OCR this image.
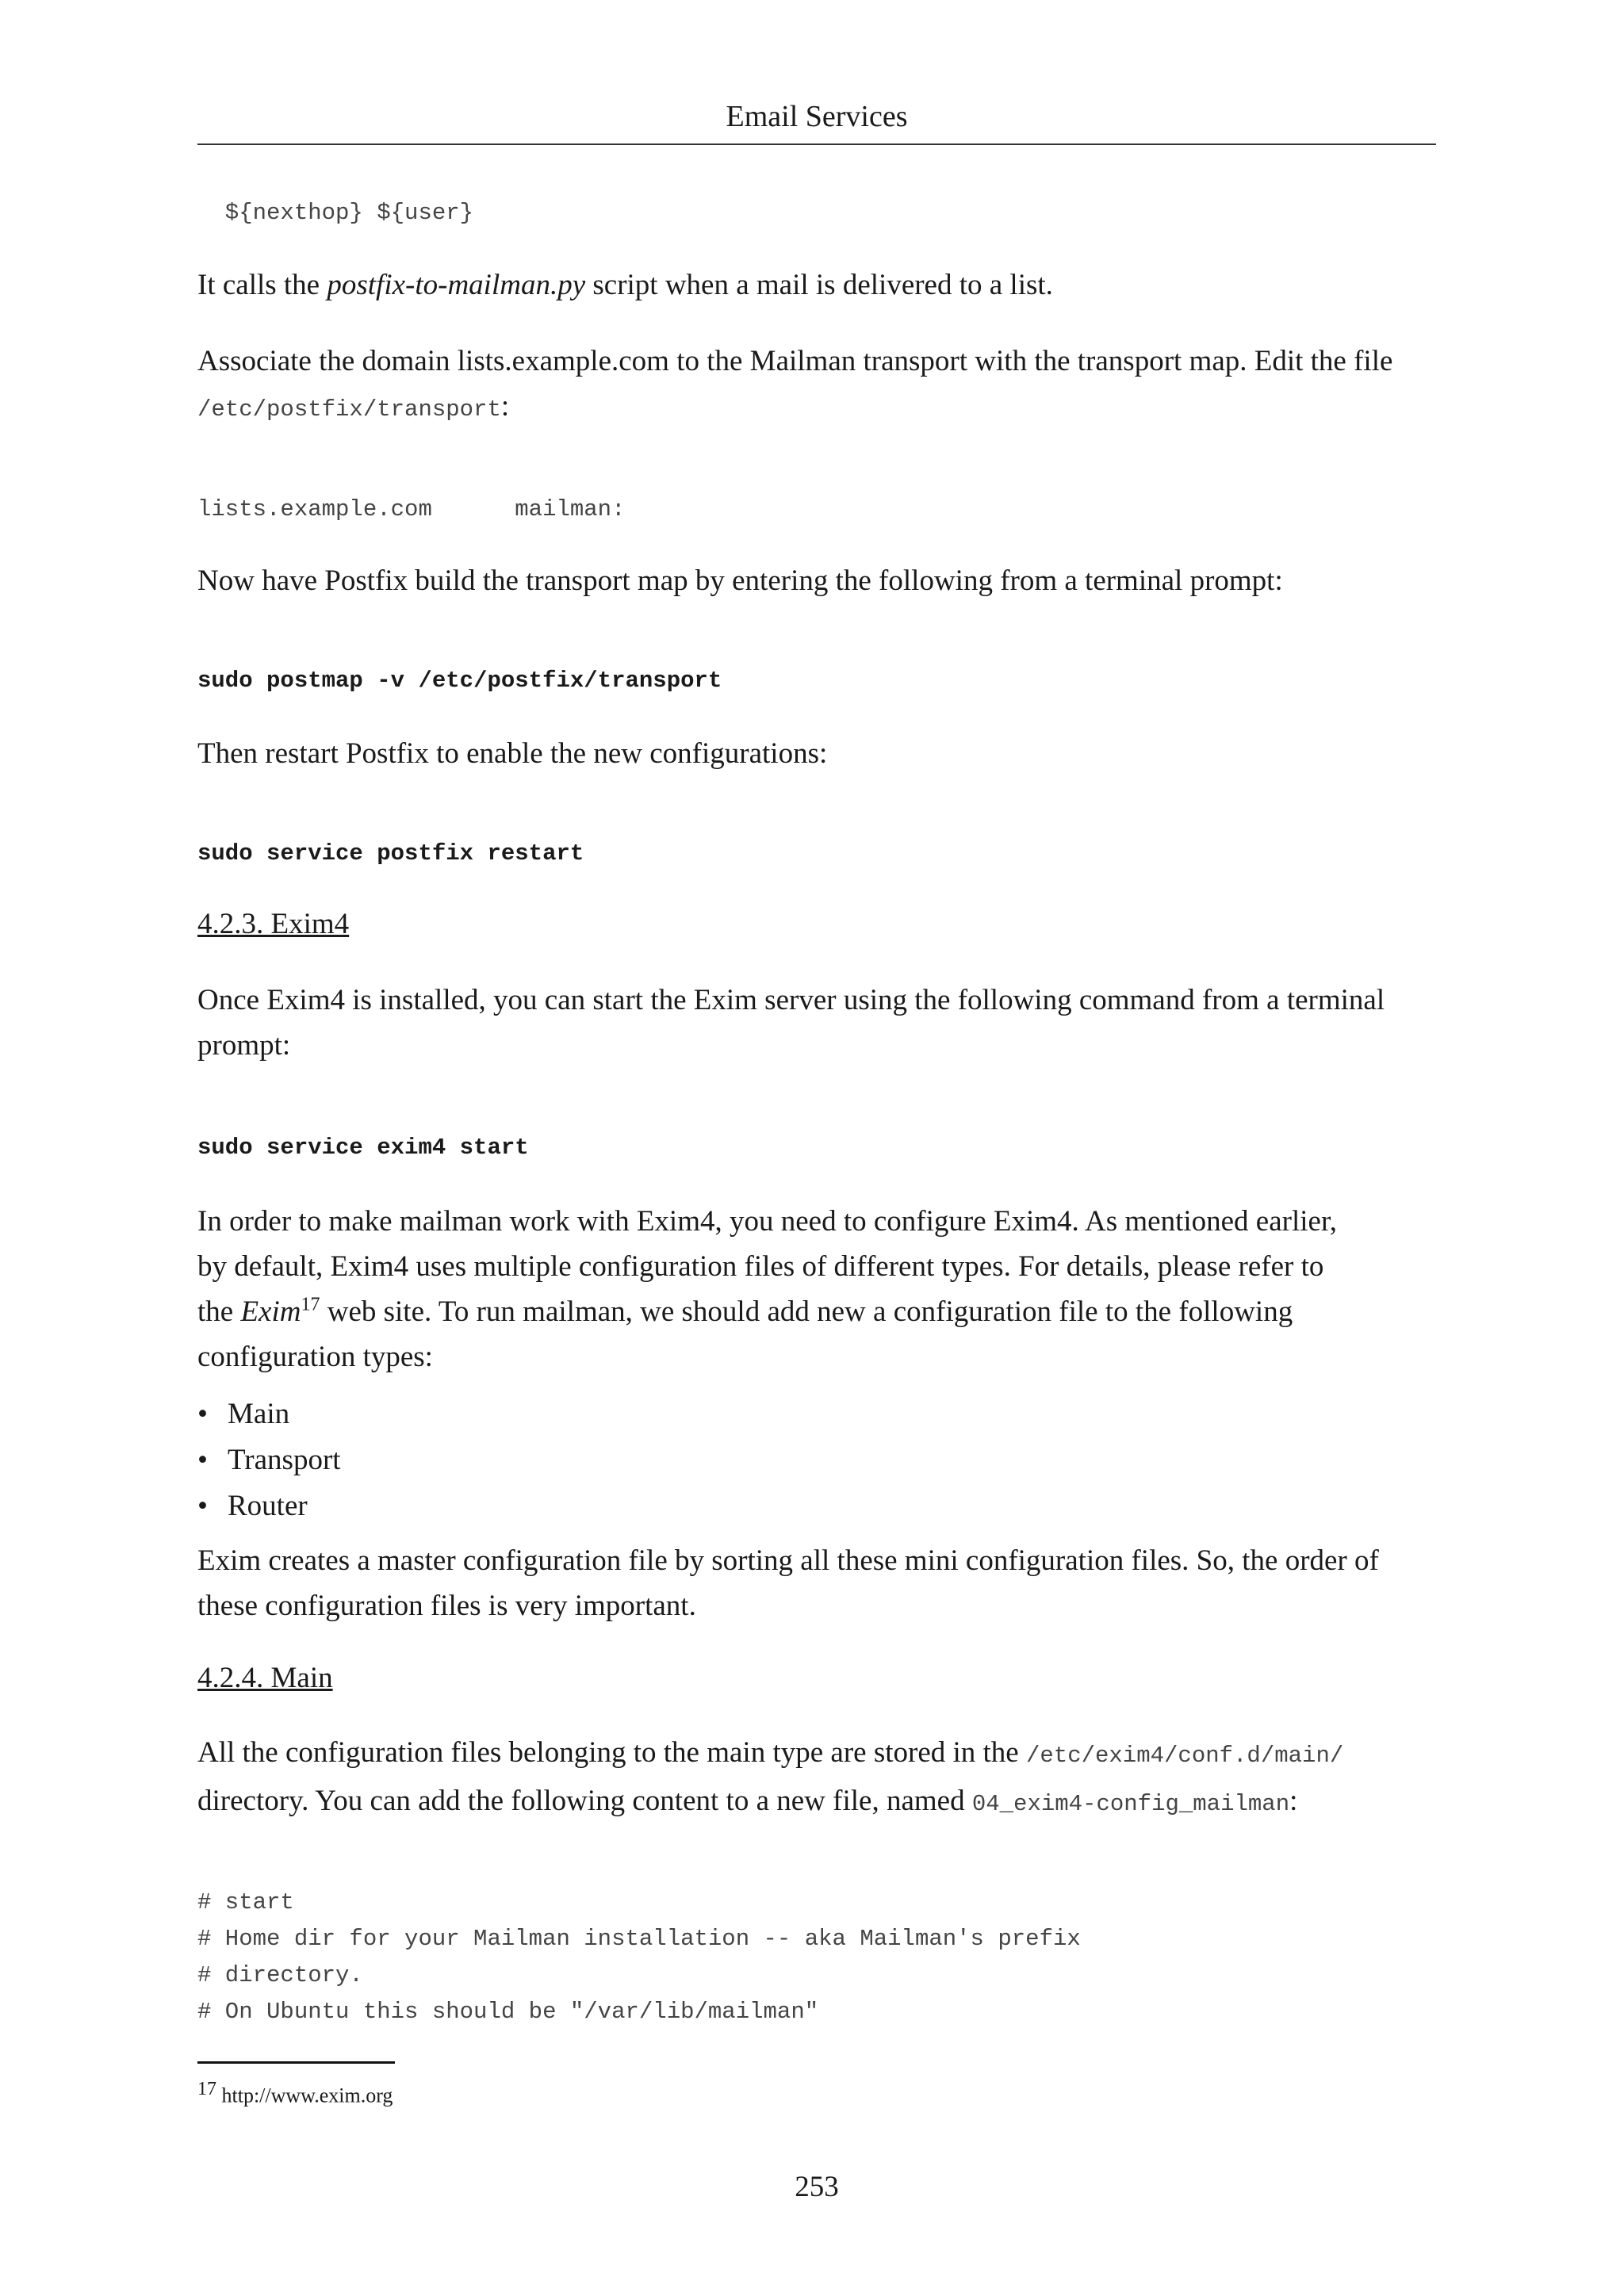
Email Services
${nexthop} ${user}

It calls the postfix-to-mailman.py script when a mail is delivered to a list.

Associate the domain lists.example.com to the Mailman transport with the transport map. Edit the file /etc/postfix/transport:

lists.example.com      mailman:

Now have Postfix build the transport map by entering the following from a terminal prompt:

sudo postmap -v /etc/postfix/transport

Then restart Postfix to enable the new configurations:

sudo service postfix restart
4.2.3. Exim4

Once Exim4 is installed, you can start the Exim server using the following command from a terminal prompt:

sudo service exim4 start
In order to make mailman work with Exim4, you need to configure Exim4. As mentioned earlier,
by default, Exim4 uses multiple configuration files of different types. For details, please refer to
the Exim$^{17}$ web site. To run mailman, we should add new a configuration file to the following
configuration types:
• Main
• Transport
• Router

Exim creates a master configuration file by sorting all these mini configuration files. So, the order of these configuration files is very important.

4.2.4. Main

All the configuration files belonging to the main type are stored in the /etc/exim4/conf.d/main/ directory. You can add the following content to a new file, named 04_exim4-config_mailman:

# start
# Home dir for your Mailman installation -- aka Mailman's prefix
# directory.
# On Ubuntu this should be "/var/lib/mailman"
$^{17}$ http://www.exim.org
253
